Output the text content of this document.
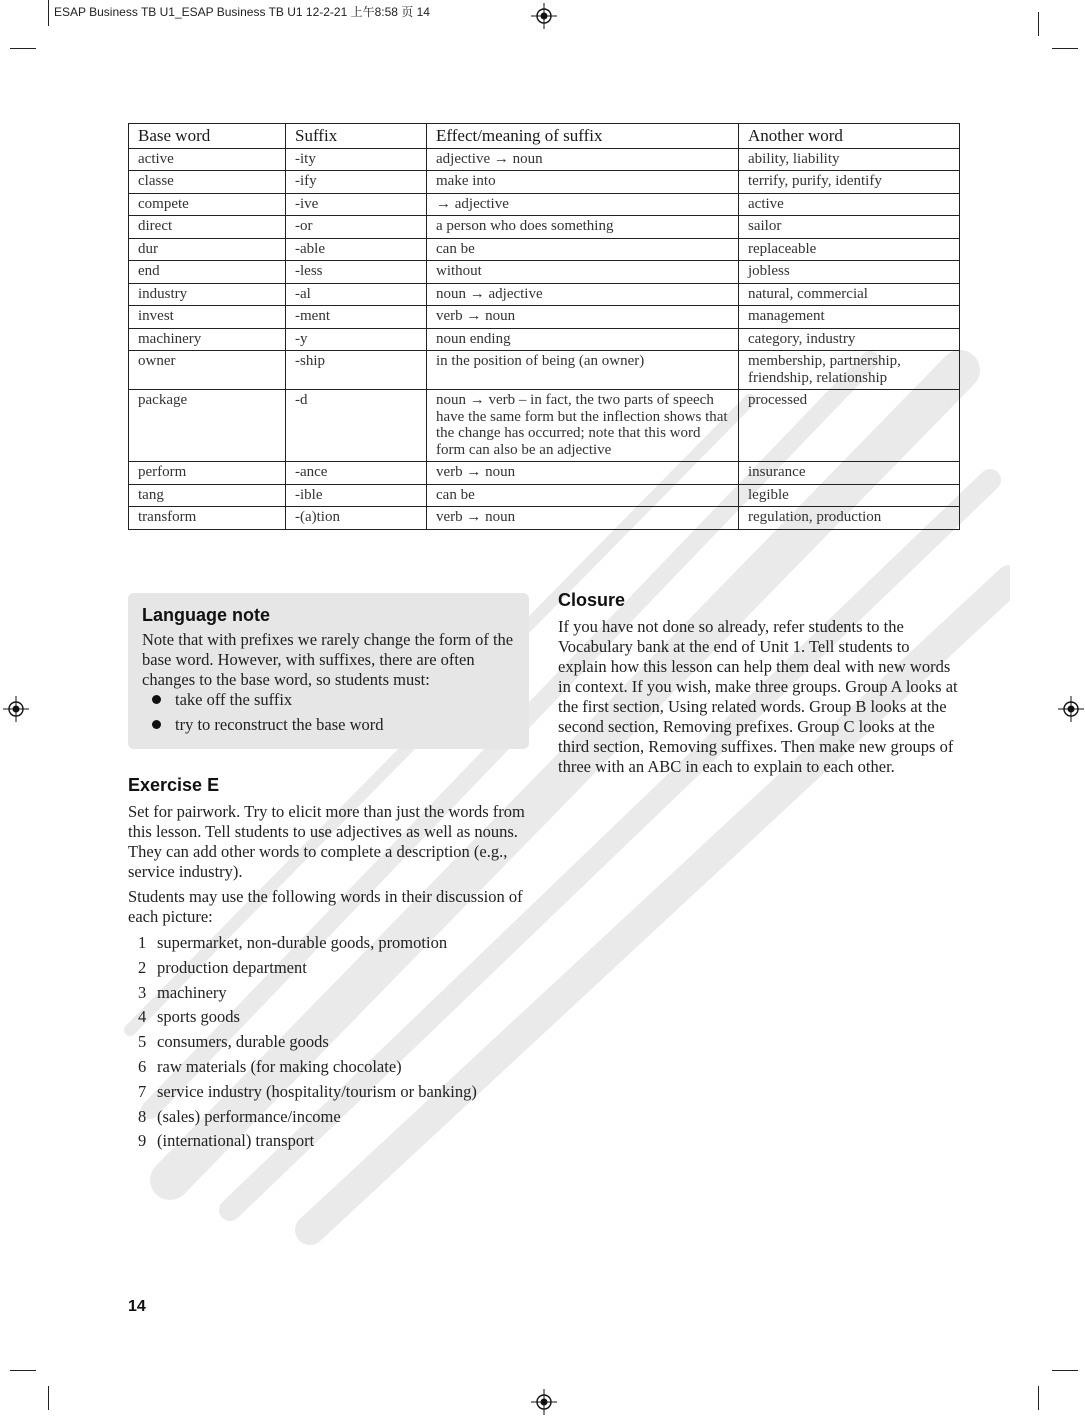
ESAP Business TB U1_ESAP Business TB U1 12-2-21 上午8:58 页 14
Base word	Suffix	Effect/meaning of suffix	Another word
active	-ity	adjective → noun	ability, liability
classe	-ify	make into	terrify, purify, identify
compete	-ive	→ adjective	active
direct	-or	a person who does something	sailor
dur	-able	can be	replaceable
end	-less	without	jobless
industry	-al	noun → adjective	natural, commercial
invest	-ment	verb → noun	management
machinery	-y	noun ending	category, industry
owner	-ship	in the position of being (an owner)	membership, partnership, friendship, relationship
package	-d	noun → verb – in fact, the two parts of speech have the same form but the inflection shows that the change has occurred; note that this word form can also be an adjective	processed
perform	-ance	verb → noun	insurance
tang	-ible	can be	legible
transform	-(a)tion	verb → noun	regulation, production
Language note

Note that with prefixes we rarely change the form of the base word. However, with suffixes, there are often changes to the base word, so students must:

take off the suffix
try to reconstruct the base word
Exercise E

Set for pairwork. Try to elicit more than just the words from this lesson. Tell students to use adjectives as well as nouns. They can add other words to complete a description (e.g., service industry).

Students may use the following words in their discussion of each picture:

1 supermarket, non-durable goods, promotion
2 production department
3 machinery
4 sports goods
5 consumers, durable goods
6 raw materials (for making chocolate)
7 service industry (hospitality/tourism or banking)
8 (sales) performance/income
9 (international) transport
Closure

If you have not done so already, refer students to the Vocabulary bank at the end of Unit 1. Tell students to explain how this lesson can help them deal with new words in context. If you wish, make three groups. Group A looks at the first section, Using related words. Group B looks at the second section, Removing prefixes. Group C looks at the third section, Removing suffixes. Then make new groups of three with an ABC in each to explain to each other.

14
